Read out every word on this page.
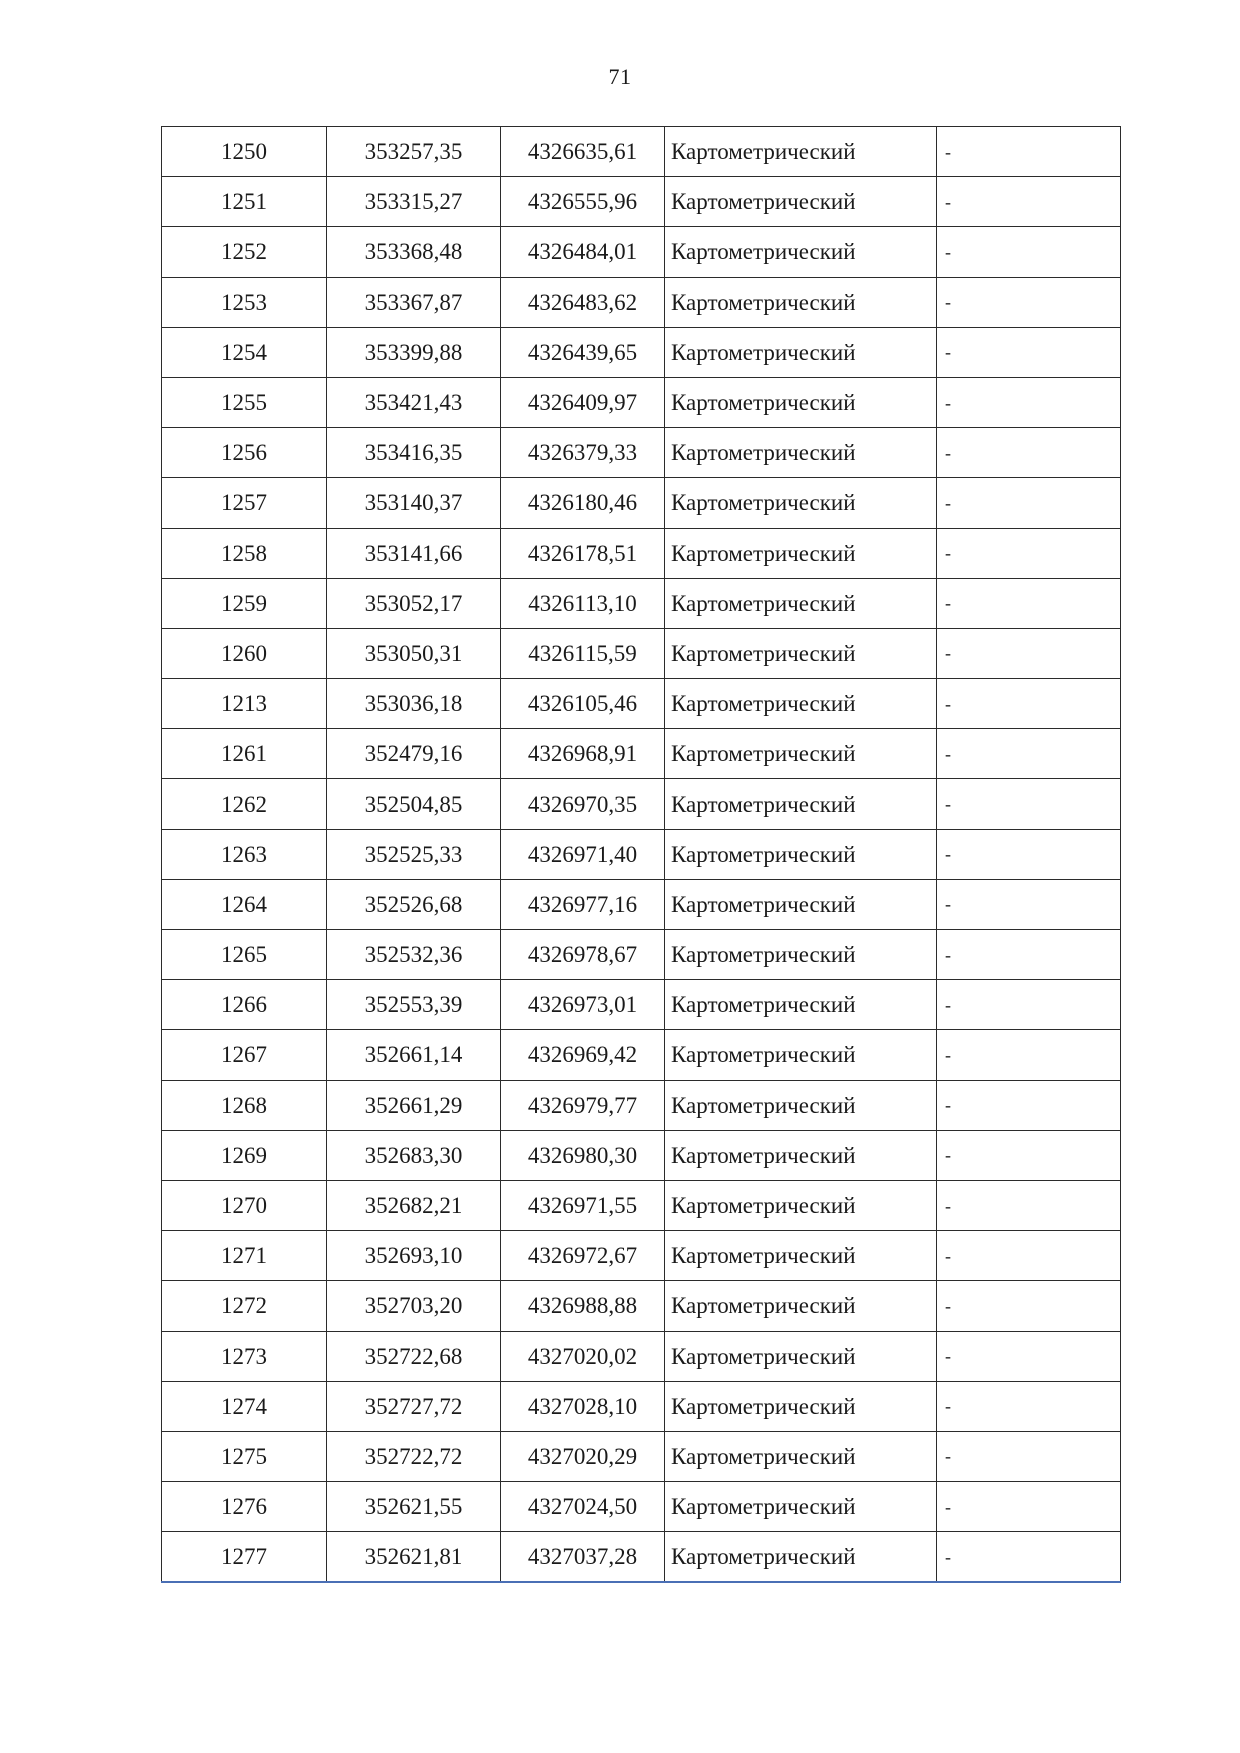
71
1250	353257,35	4326635,61	Картометрический	-
1251	353315,27	4326555,96	Картометрический	-
1252	353368,48	4326484,01	Картометрический	-
1253	353367,87	4326483,62	Картометрический	-
1254	353399,88	4326439,65	Картометрический	-
1255	353421,43	4326409,97	Картометрический	-
1256	353416,35	4326379,33	Картометрический	-
1257	353140,37	4326180,46	Картометрический	-
1258	353141,66	4326178,51	Картометрический	-
1259	353052,17	4326113,10	Картометрический	-
1260	353050,31	4326115,59	Картометрический	-
1213	353036,18	4326105,46	Картометрический	-
1261	352479,16	4326968,91	Картометрический	-
1262	352504,85	4326970,35	Картометрический	-
1263	352525,33	4326971,40	Картометрический	-
1264	352526,68	4326977,16	Картометрический	-
1265	352532,36	4326978,67	Картометрический	-
1266	352553,39	4326973,01	Картометрический	-
1267	352661,14	4326969,42	Картометрический	-
1268	352661,29	4326979,77	Картометрический	-
1269	352683,30	4326980,30	Картометрический	-
1270	352682,21	4326971,55	Картометрический	-
1271	352693,10	4326972,67	Картометрический	-
1272	352703,20	4326988,88	Картометрический	-
1273	352722,68	4327020,02	Картометрический	-
1274	352727,72	4327028,10	Картометрический	-
1275	352722,72	4327020,29	Картометрический	-
1276	352621,55	4327024,50	Картометрический	-
1277	352621,81	4327037,28	Картометрический	-
